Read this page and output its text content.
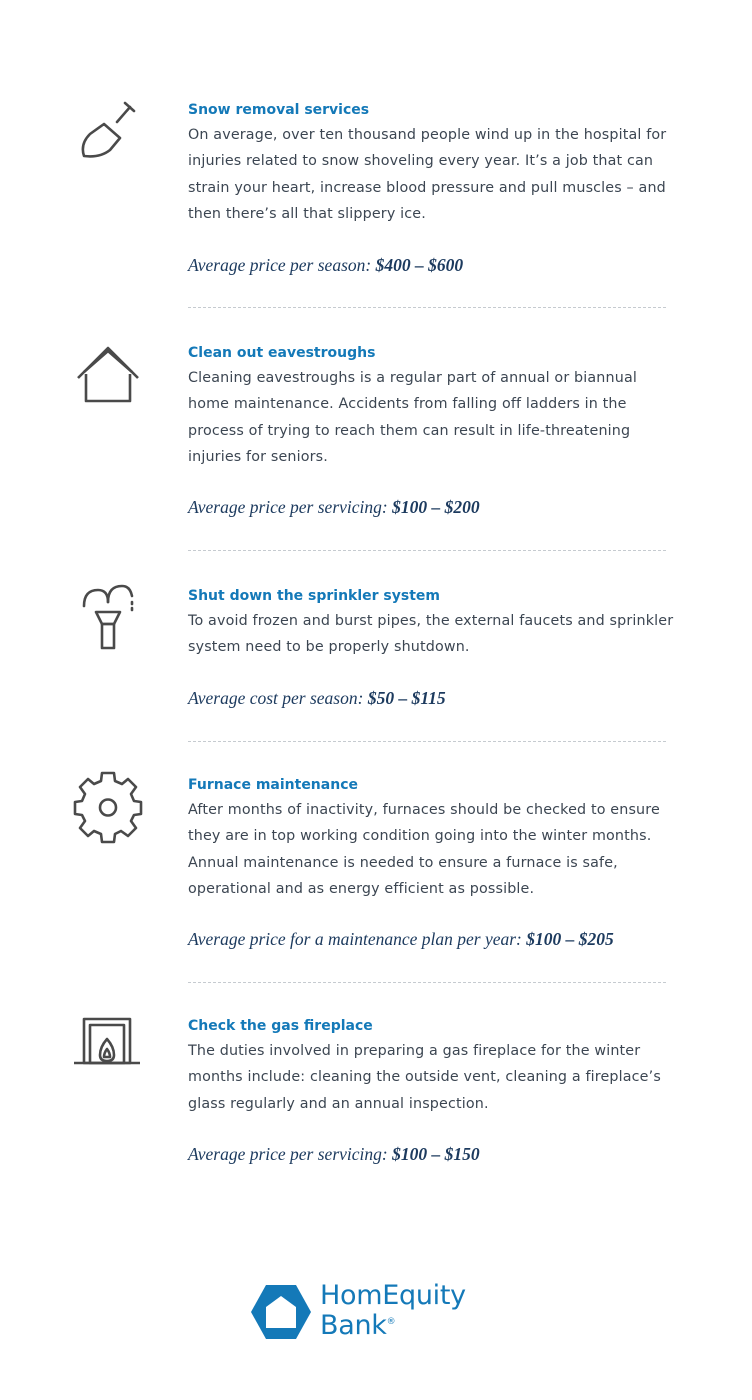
Snow removal services
On average, over ten thousand people wind up in the hospital for injuries related to snow shoveling every year. It’s a job that can strain your heart, increase blood pressure and pull muscles – and then there’s all that slippery ice.
Average price per season: $400 – $600
Clean out eavestroughs
Cleaning eavestroughs is a regular part of annual or biannual home maintenance. Accidents from falling off ladders in the process of trying to reach them can result in life-threatening injuries for seniors.
Average price per servicing: $100 – $200
Shut down the sprinkler system
To avoid frozen and burst pipes, the external faucets and sprinkler system need to be properly shutdown.
Average cost per season: $50 – $115
Furnace maintenance
After months of inactivity, furnaces should be checked to ensure they are in top working condition going into the winter months. Annual maintenance is needed to ensure a furnace is safe, operational and as energy efficient as possible.
Average price for a maintenance plan per year: $100 – $205
Check the gas fireplace
The duties involved in preparing a gas fireplace for the winter months include: cleaning the outside vent, cleaning a fireplace’s glass regularly and an annual inspection.
Average price per servicing: $100 – $150
HomEquity
Bank®
